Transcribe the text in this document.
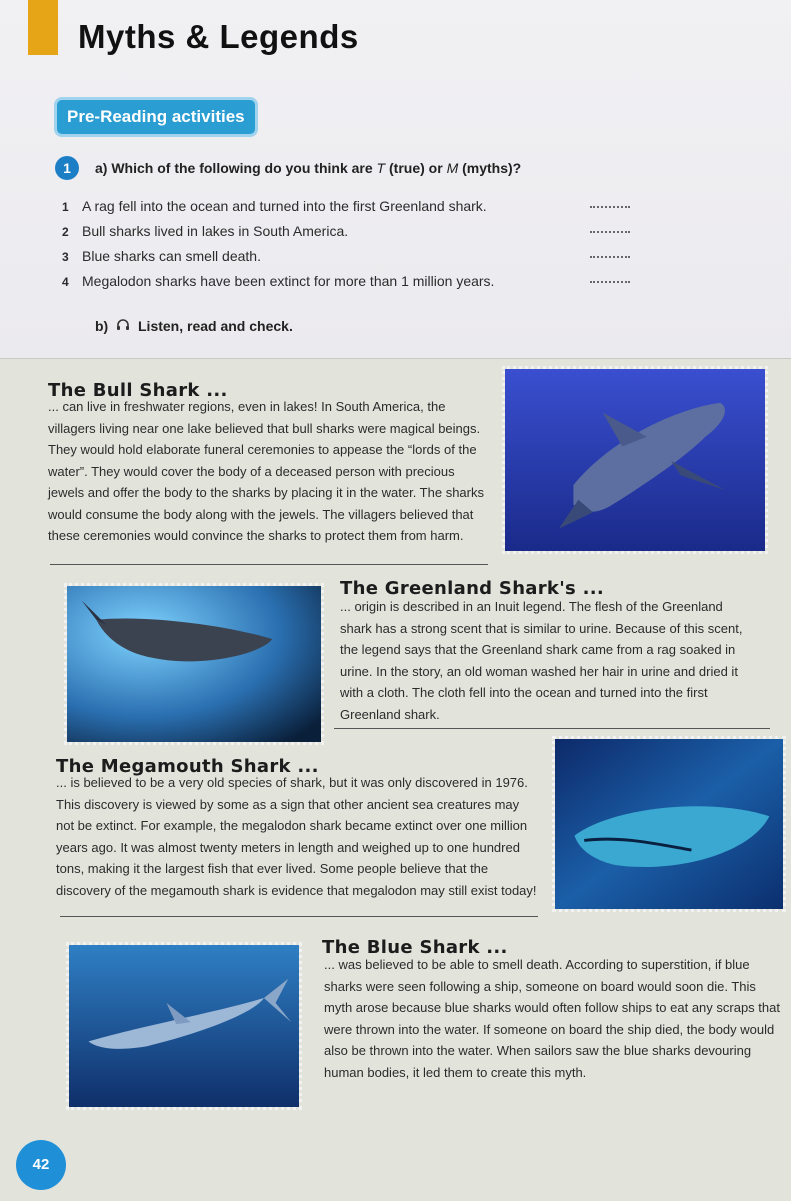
Myths & Legends
Pre-Reading activities
1	a) Which of the following do you think are T (true) or M (myths)?
1 A rag fell into the ocean and turned into the first Greenland shark.
2 Bull sharks lived in lakes in South America.
3 Blue sharks can smell death.
4 Megalodon sharks have been extinct for more than 1 million years.
b) Listen, read and check.
The Bull Shark ...
... can live in freshwater regions, even in lakes! In South America, the villagers living near one lake believed that bull sharks were magical beings. They would hold elaborate funeral ceremonies to appease the “lords of the water”. They would cover the body of a deceased person with precious jewels and offer the body to the sharks by placing it in the water. The sharks would consume the body along with the jewels. The villagers believed that these ceremonies would convince the sharks to protect them from harm.
The Greenland Shark's ...
... origin is described in an Inuit legend. The flesh of the Greenland shark has a strong scent that is similar to urine. Because of this scent, the legend says that the Greenland shark came from a rag soaked in urine. In the story, an old woman washed her hair in urine and dried it with a cloth. The cloth fell into the ocean and turned into the first Greenland shark.
The Megamouth Shark ...
... is believed to be a very old species of shark, but it was only discovered in 1976. This discovery is viewed by some as a sign that other ancient sea creatures may not be extinct. For example, the megalodon shark became extinct over one million years ago. It was almost twenty meters in length and weighed up to one hundred tons, making it the largest fish that ever lived. Some people believe that the discovery of the megamouth shark is evidence that megalodon may still exist today!
The Blue Shark ...
... was believed to be able to smell death. According to superstition, if blue sharks were seen following a ship, someone on board would soon die. This myth arose because blue sharks would often follow ships to eat any scraps that were thrown into the water. If someone on board the ship died, the body would also be thrown into the water. When sailors saw the blue sharks devouring human bodies, it led them to create this myth.
42
